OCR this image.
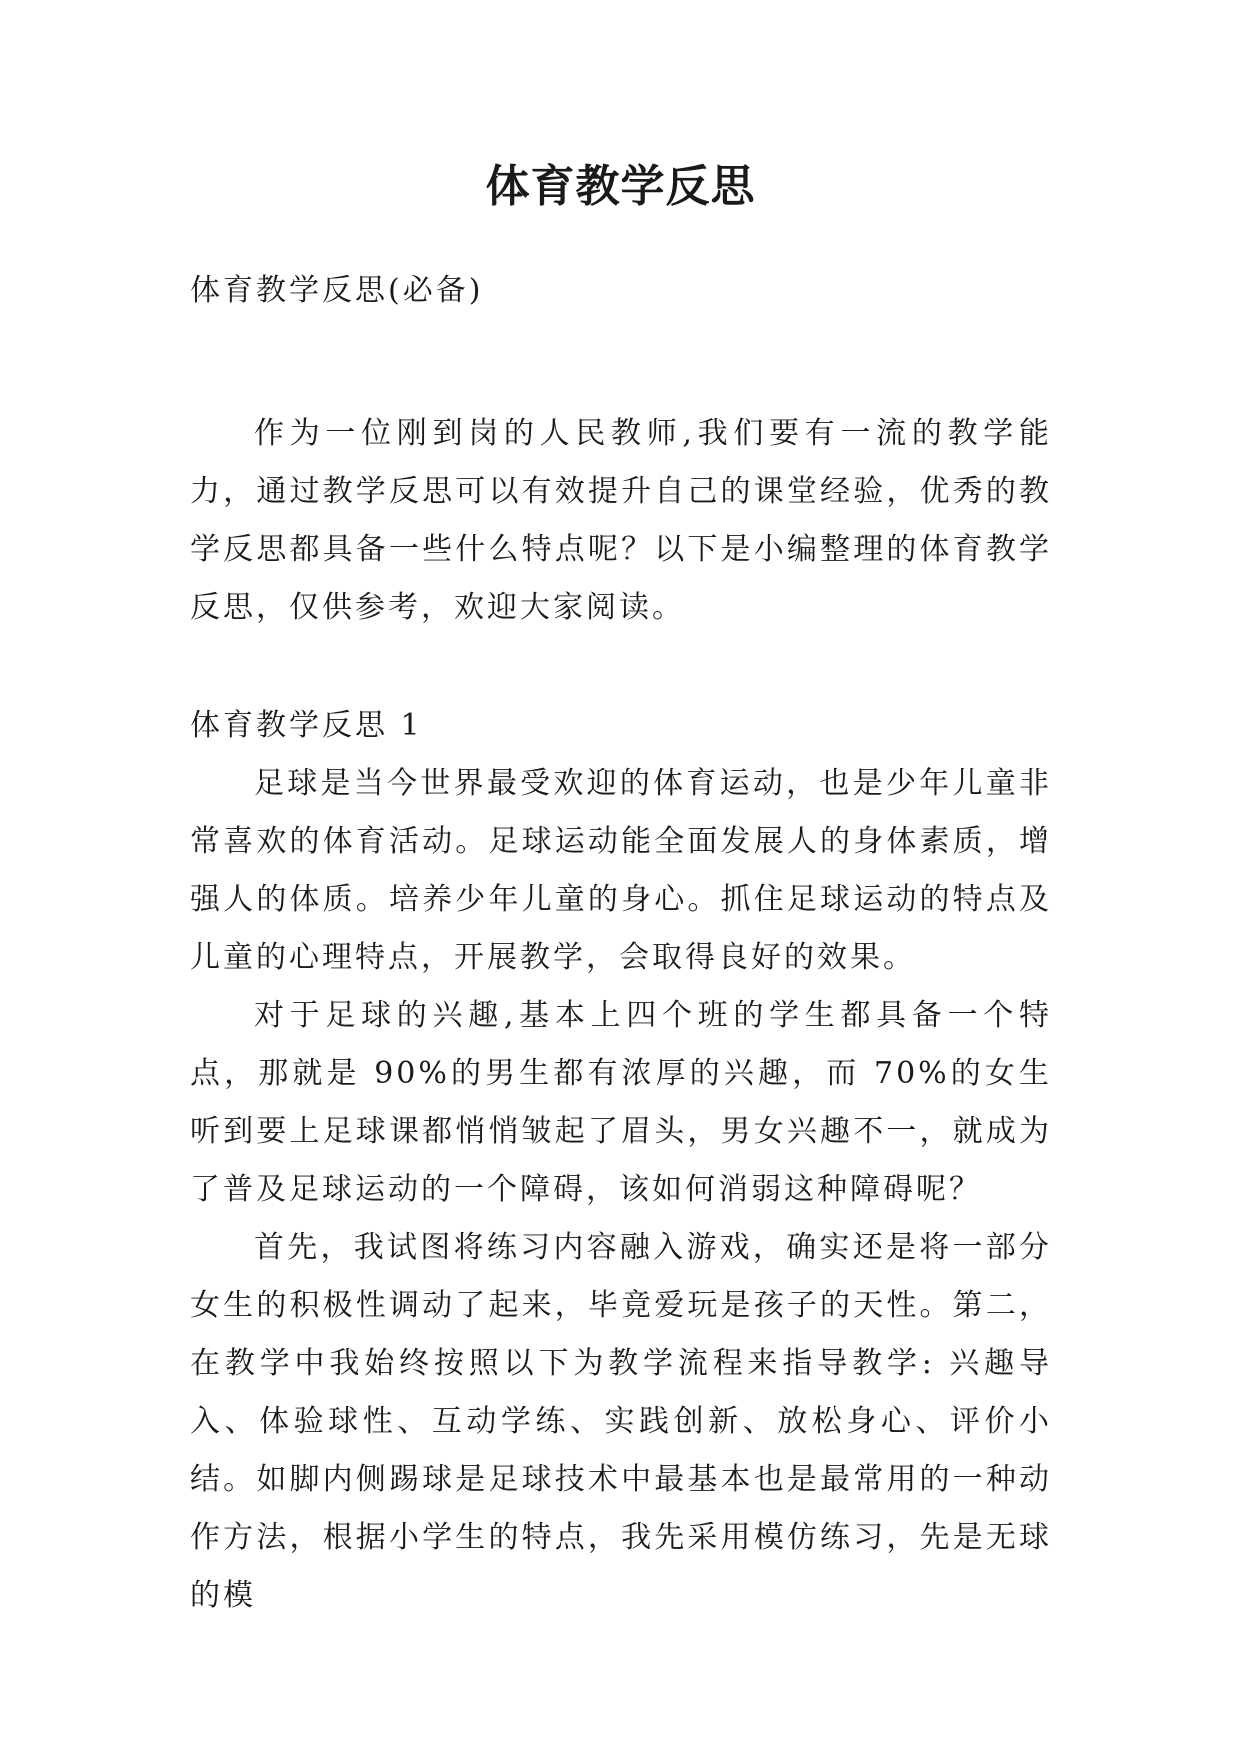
体育教学反思
体育教学反思(必备)

作为一位刚到岗的人民教师,我们要有一流的教学能力，通过教学反思可以有效提升自己的课堂经验，优秀的教学反思都具备一些什么特点呢？以下是小编整理的体育教学反思，仅供参考，欢迎大家阅读。

体育教学反思 1

足球是当今世界最受欢迎的体育运动，也是少年儿童非常喜欢的体育活动。足球运动能全面发展人的身体素质，增强人的体质。培养少年儿童的身心。抓住足球运动的特点及儿童的心理特点，开展教学，会取得良好的效果。

对于足球的兴趣,基本上四个班的学生都具备一个特点，那就是 90%的男生都有浓厚的兴趣，而 70%的女生听到要上足球课都悄悄皱起了眉头，男女兴趣不一，就成为了普及足球运动的一个障碍，该如何消弱这种障碍呢？

首先，我试图将练习内容融入游戏，确实还是将一部分女生的积极性调动了起来，毕竟爱玩是孩子的天性。第二，在教学中我始终按照以下为教学流程来指导教学: 兴趣导入、体验球性、互动学练、实践创新、放松身心、评价小结。如脚内侧踢球是足球技术中最基本也是最常用的一种动作方法，根据小学生的特点，我先采用模仿练习，先是无球的模
